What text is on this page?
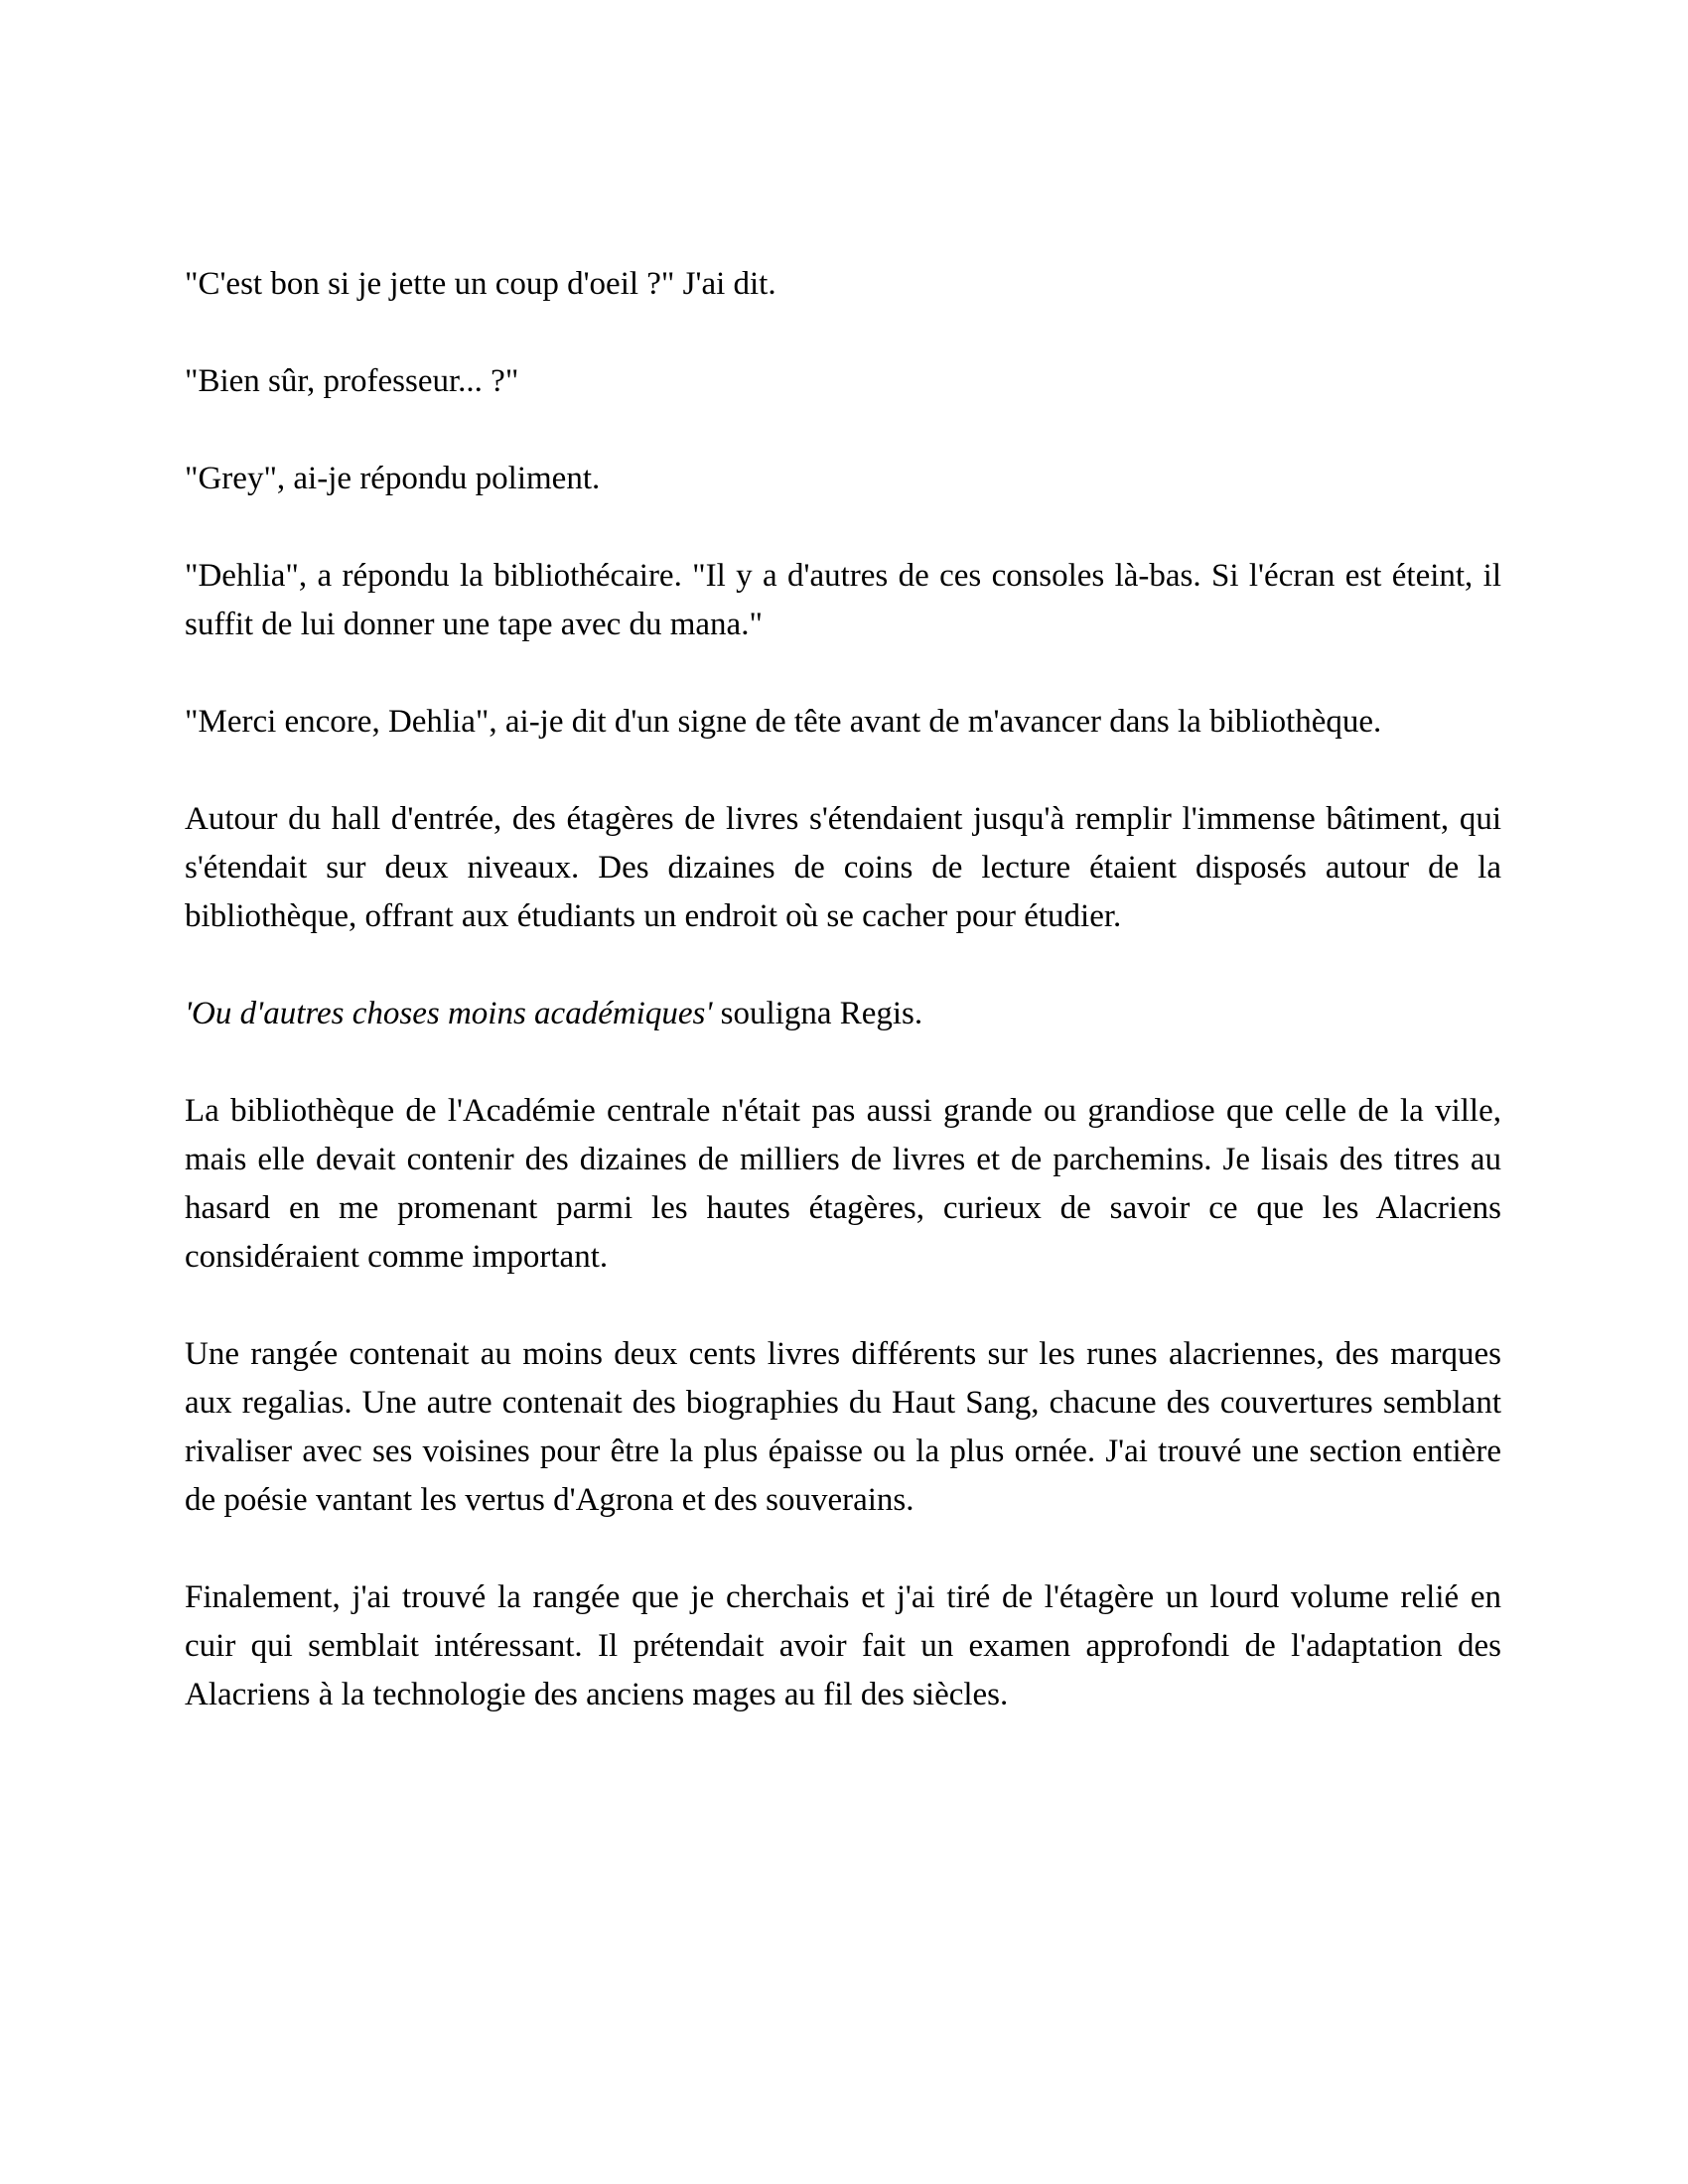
"C'est bon si je jette un coup d'oeil ?" J'ai dit.

"Bien sûr, professeur... ?"

"Grey", ai-je répondu poliment.

"Dehlia", a répondu la bibliothécaire. "Il y a d'autres de ces consoles là-bas. Si l'écran est éteint, il suffit de lui donner une tape avec du mana."

"Merci encore, Dehlia", ai-je dit d'un signe de tête avant de m'avancer dans la bibliothèque.

Autour du hall d'entrée, des étagères de livres s'étendaient jusqu'à remplir l'immense bâtiment, qui s'étendait sur deux niveaux. Des dizaines de coins de lecture étaient disposés autour de la bibliothèque, offrant aux étudiants un endroit où se cacher pour étudier.

'Ou d'autres choses moins académiques' souligna Regis.

La bibliothèque de l'Académie centrale n'était pas aussi grande ou grandiose que celle de la ville, mais elle devait contenir des dizaines de milliers de livres et de parchemins. Je lisais des titres au hasard en me promenant parmi les hautes étagères, curieux de savoir ce que les Alacriens considéraient comme important.

Une rangée contenait au moins deux cents livres différents sur les runes alacriennes, des marques aux regalias. Une autre contenait des biographies du Haut Sang, chacune des couvertures semblant rivaliser avec ses voisines pour être la plus épaisse ou la plus ornée. J'ai trouvé une section entière de poésie vantant les vertus d'Agrona et des souverains.

Finalement, j'ai trouvé la rangée que je cherchais et j'ai tiré de l'étagère un lourd volume relié en cuir qui semblait intéressant. Il prétendait avoir fait un examen approfondi de l'adaptation des Alacriens à la technologie des anciens mages au fil des siècles.
